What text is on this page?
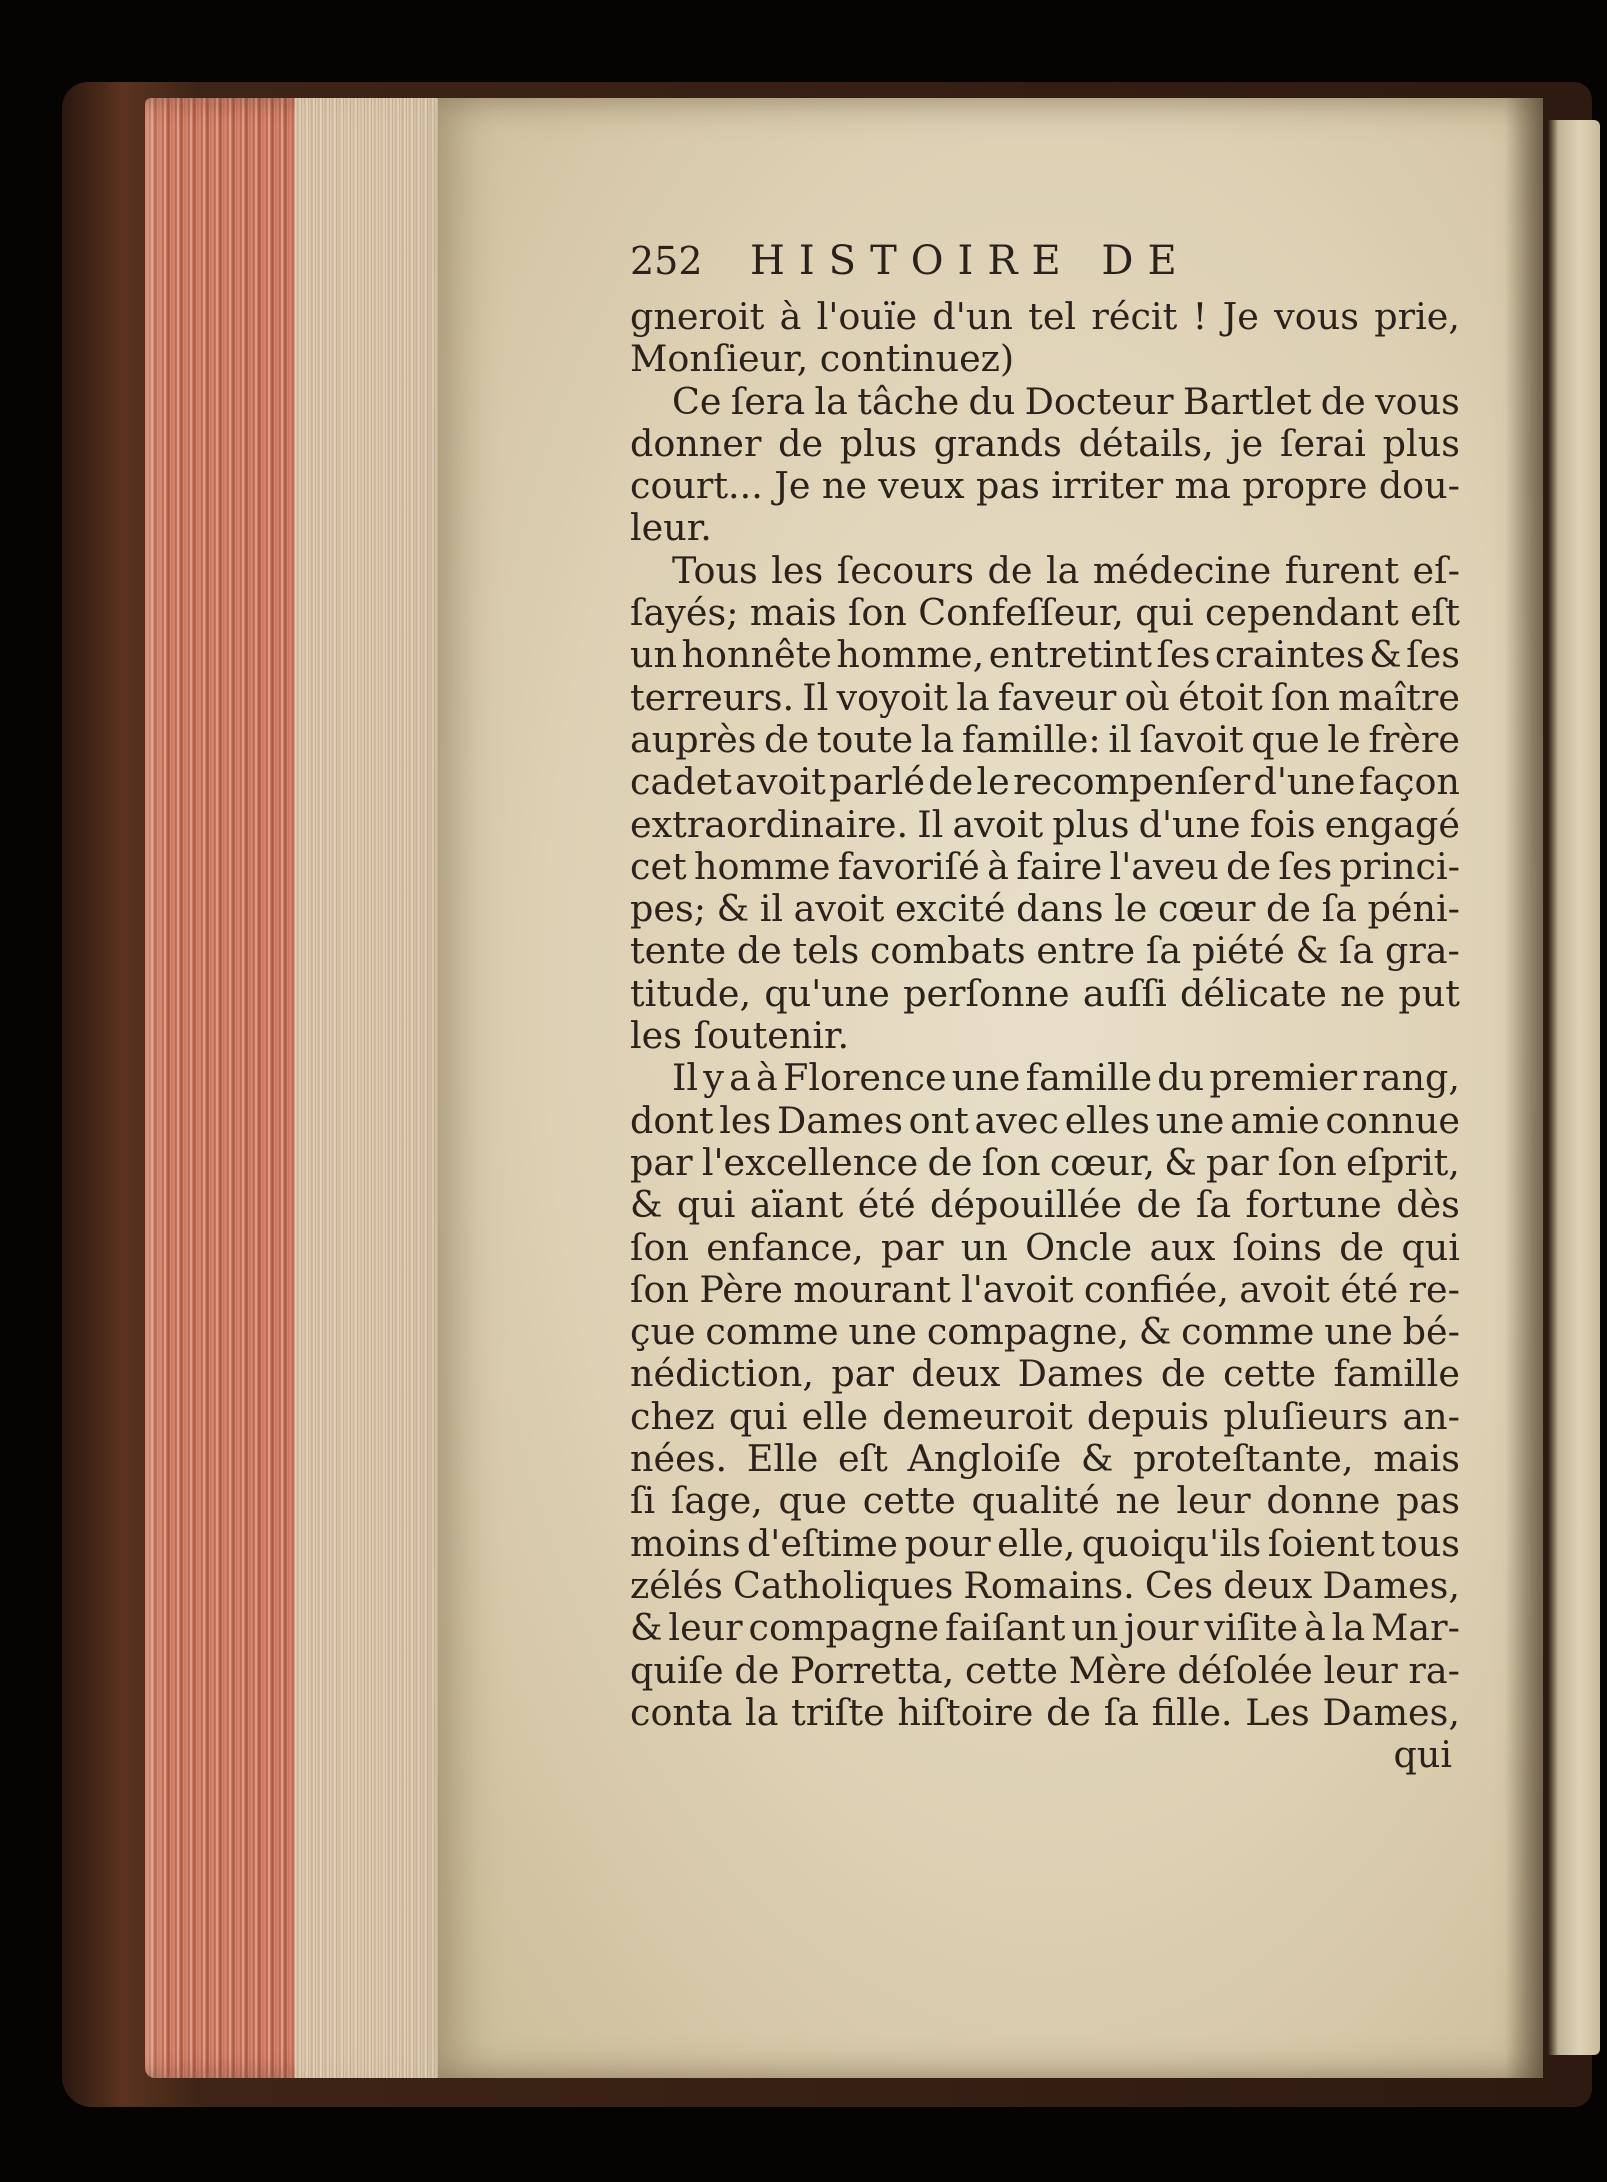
252	HISTOIRE DE
gneroit à l'ouïe d'un tel récit ! Je vous prie,
Monſieur, continuez)
Ce ſera la tâche du Docteur Bartlet de vous
donner de plus grands détails, je ſerai plus
court... Je ne veux pas irriter ma propre dou-
leur.
Tous les ſecours de la médecine furent eſ-
ſayés; mais ſon Confeſſeur, qui cependant eſt
un honnête homme, entretint ſes craintes & ſes
terreurs. Il voyoit la faveur où étoit ſon maître
auprès de toute la famille: il ſavoit que le frère
cadet avoit parlé de le recompenſer d'une façon
extraordinaire. Il avoit plus d'une fois engagé
cet homme favoriſé à faire l'aveu de ſes princi-
pes; & il avoit excité dans le cœur de ſa péni-
tente de tels combats entre ſa piété & ſa gra-
titude, qu'une perſonne auſſi délicate ne put
les ſoutenir.
Il y a à Florence une famille du premier rang,
dont les Dames ont avec elles une amie connue
par l'excellence de ſon cœur, & par ſon eſprit,
& qui aïant été dépouillée de ſa fortune dès
ſon enfance, par un Oncle aux ſoins de qui
ſon Père mourant l'avoit confiée, avoit été re-
çue comme une compagne, & comme une bé-
nédiction, par deux Dames de cette famille
chez qui elle demeuroit depuis pluſieurs an-
nées. Elle eſt Angloiſe & proteſtante, mais
ſi ſage, que cette qualité ne leur donne pas
moins d'eſtime pour elle, quoiqu'ils ſoient tous
zélés Catholiques Romains. Ces deux Dames,
& leur compagne faiſant un jour viſite à la Mar-
quiſe de Porretta, cette Mère déſolée leur ra-
conta la triſte hiſtoire de ſa fille. Les Dames,
qui
